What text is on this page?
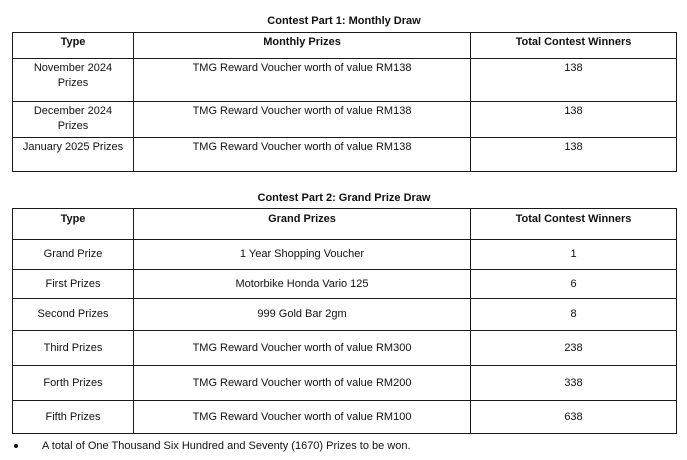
Contest Part 1: Monthly Draw
Type	Monthly Prizes	Total Contest Winners
November 2024 Prizes	TMG Reward Voucher worth of value RM138	138
December 2024 Prizes	TMG Reward Voucher worth of value RM138	138
January 2025 Prizes	TMG Reward Voucher worth of value RM138	138
Contest Part 2: Grand Prize Draw
Type	Grand Prizes	Total Contest Winners
Grand Prize	1 Year Shopping Voucher	1
First Prizes	Motorbike Honda Vario 125	6
Second Prizes	999 Gold Bar 2gm	8
Third Prizes	TMG Reward Voucher worth of value RM300	238
Forth Prizes	TMG Reward Voucher worth of value RM200	338
Fifth Prizes	TMG Reward Voucher worth of value RM100	638
A total of One Thousand Six Hundred and Seventy (1670) Prizes to be won.
